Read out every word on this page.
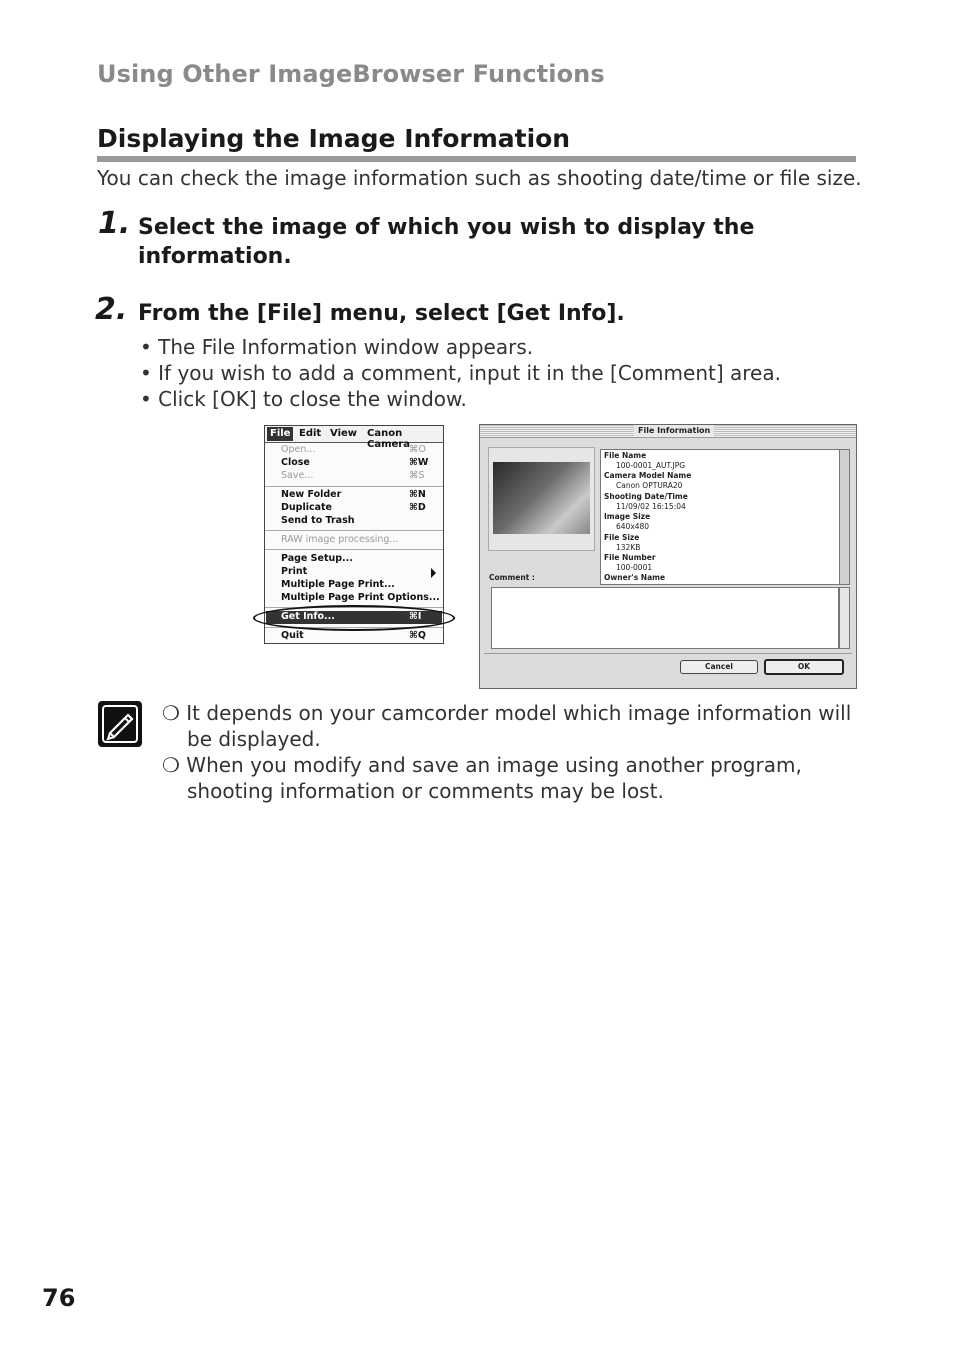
Using Other ImageBrowser Functions
Displaying the Image Information
You can check the image information such as shooting date/time or file size.
1. Select the image of which you wish to display the
information.
2. From the [File] menu, select [Get Info].
• The File Information window appears.
• If you wish to add a comment, input it in the [Comment] area.
• Click [OK] to close the window.
File Edit View Canon Camera
Open...	⌘O
Close	⌘W
Save...	⌘S
New Folder	⌘N
Duplicate	⌘D
Send to Trash
RAW image processing...
Page Setup...
Print
Multiple Page Print...
Multiple Page Print Options...
Get Info...	⌘I
Quit	⌘Q
File Information
File Name
100-0001_AUT.JPG
Camera Model Name
Canon OPTURA20
Shooting Date/Time
11/09/02 16:15:04
Image Size
640x480
File Size
132KB
File Number
100-0001
Owner's Name
Comment :
Cancel	OK
❍ It depends on your camcorder model which image information will
be displayed.
❍ When you modify and save an image using another program,
shooting information or comments may be lost.
76
